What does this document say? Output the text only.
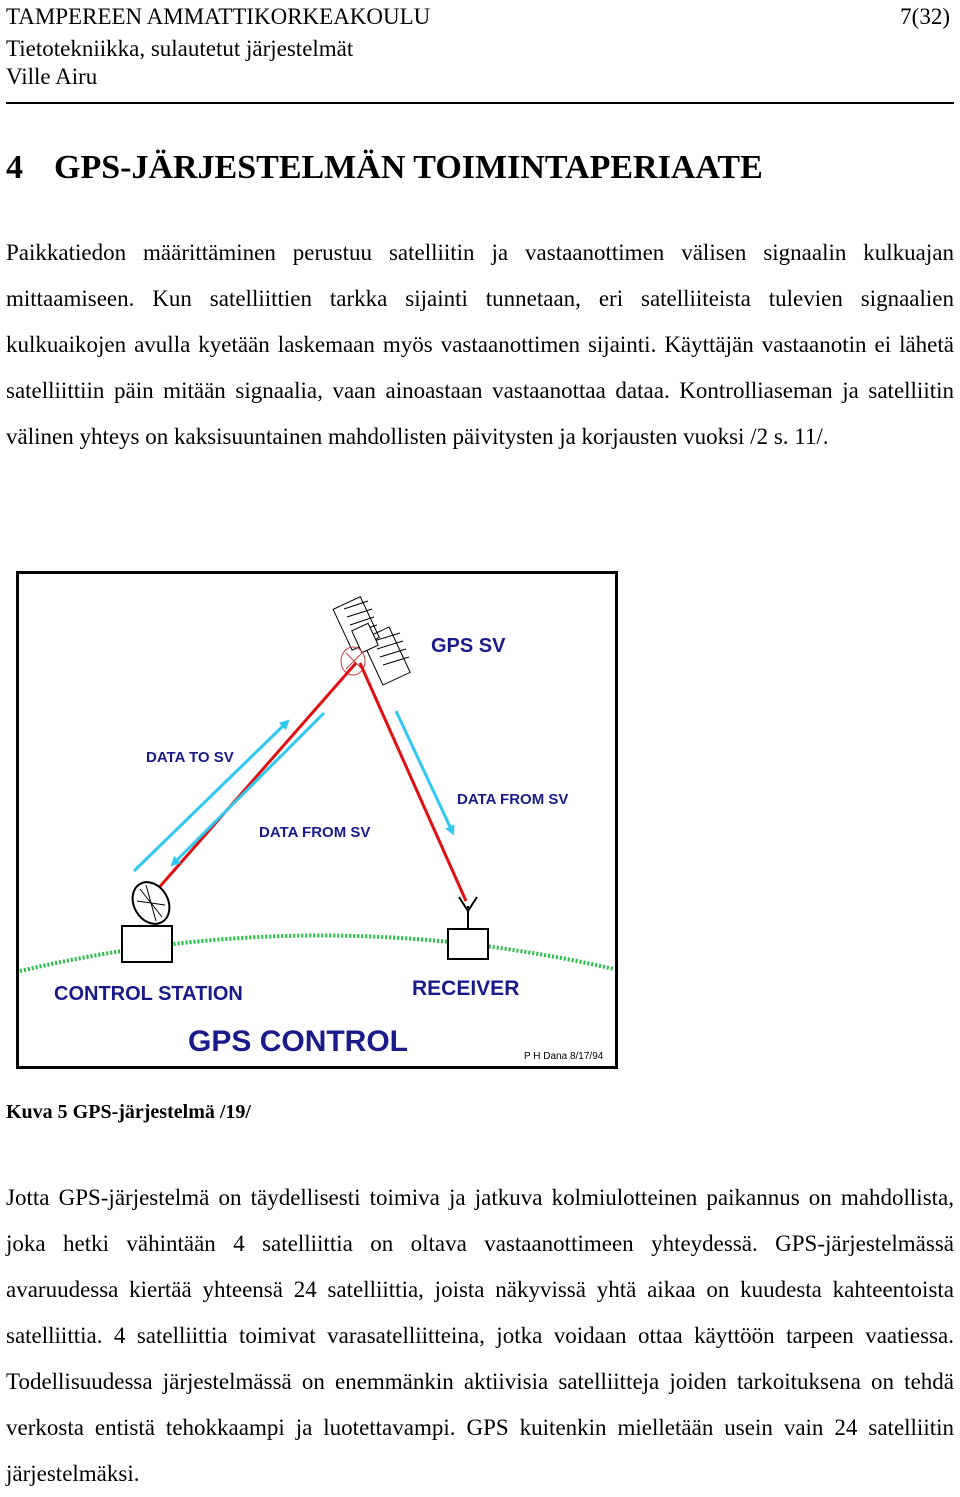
TAMPEREEN AMMATTIKORKEAKOULU	7(32)
Tietotekniikka, sulautetut järjestelmät
Ville Airu
4 GPS-JÄRJESTELMÄN TOIMINTAPERIAATE

Paikkatiedon määrittäminen perustuu satelliitin ja vastaanottimen välisen signaalin kulkuajan mittaamiseen. Kun satelliittien tarkka sijainti tunnetaan, eri satelliiteista tulevien signaalien kulkuaikojen avulla kyetään laskemaan myös vastaanottimen sijainti. Käyttäjän vastaanotin ei lähetä satelliittiin päin mitään signaalia, vaan ainoastaan vastaanottaa dataa. Kontrolliaseman ja satelliitin välinen yhteys on kaksisuuntainen mahdollisten päivitysten ja korjausten vuoksi /2 s. 11/.

GPS SV
DATA TO SV
DATA FROM SV
DATA FROM SV
CONTROL STATION	RECEIVER
GPS CONTROL	P H Dana 8/17/94
Kuva 5 GPS-järjestelmä /19/

Jotta GPS-järjestelmä on täydellisesti toimiva ja jatkuva kolmiulotteinen paikannus on mahdollista, joka hetki vähintään 4 satelliittia on oltava vastaanottimeen yhteydessä. GPS-järjestelmässä avaruudessa kiertää yhteensä 24 satelliittia, joista näkyvissä yhtä aikaa on kuudesta kahteentoista satelliittia. 4 satelliittia toimivat varasatelliitteina, jotka voidaan ottaa käyttöön tarpeen vaatiessa. Todellisuudessa järjestelmässä on enemmänkin aktiivisia satelliitteja joiden tarkoituksena on tehdä verkosta entistä tehokkaampi ja luotettavampi. GPS kuitenkin mielletään usein vain 24 satelliitin järjestelmäksi.
